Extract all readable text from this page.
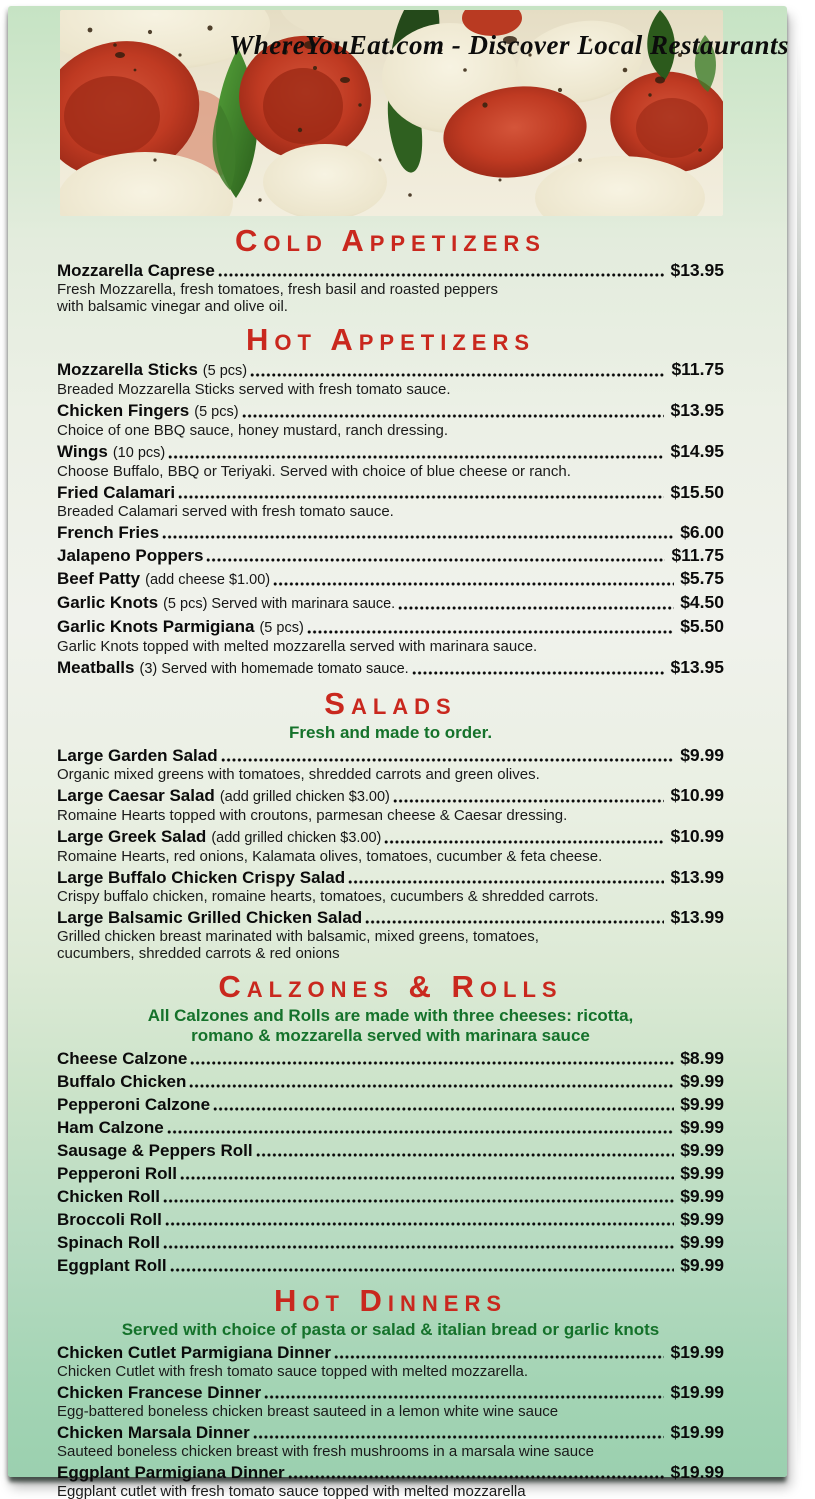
WhereYouEat.com - Discover Local Restaurants
Cold Appetizers
Mozzarella Caprese	$13.95
Fresh Mozzarella, fresh tomatoes, fresh basil and roasted peppers
with balsamic vinegar and olive oil.
Hot Appetizers
Mozzarella Sticks (5 pcs)	$11.75
Breaded Mozzarella Sticks served with fresh tomato sauce.
Chicken Fingers (5 pcs)	$13.95
Choice of one BBQ sauce, honey mustard, ranch dressing.
Wings (10 pcs)	$14.95
Choose Buffalo, BBQ or Teriyaki. Served with choice of blue cheese or ranch.
Fried Calamari	$15.50
Breaded Calamari served with fresh tomato sauce.
French Fries	$6.00
Jalapeno Poppers	$11.75
Beef Patty (add cheese $1.00)	$5.75
Garlic Knots (5 pcs) Served with marinara sauce.	$4.50
Garlic Knots Parmigiana (5 pcs)	$5.50
Garlic Knots topped with melted mozzarella served with marinara sauce.
Meatballs (3) Served with homemade tomato sauce.	$13.95
Salads
Fresh and made to order.
Large Garden Salad	$9.99
Organic mixed greens with tomatoes, shredded carrots and green olives.
Large Caesar Salad (add grilled chicken $3.00)	$10.99
Romaine Hearts topped with croutons, parmesan cheese & Caesar dressing.
Large Greek Salad (add grilled chicken $3.00)	$10.99
Romaine Hearts, red onions, Kalamata olives, tomatoes, cucumber & feta cheese.
Large Buffalo Chicken Crispy Salad	$13.99
Crispy buffalo chicken, romaine hearts, tomatoes, cucumbers & shredded carrots.
Large Balsamic Grilled Chicken Salad	$13.99
Grilled chicken breast marinated with balsamic, mixed greens, tomatoes,
cucumbers, shredded carrots & red onions
Calzones & Rolls
All Calzones and Rolls are made with three cheeses: ricotta,
romano & mozzarella served with marinara sauce
Cheese Calzone	$8.99
Buffalo Chicken	$9.99
Pepperoni Calzone	$9.99
Ham Calzone	$9.99
Sausage & Peppers Roll	$9.99
Pepperoni Roll	$9.99
Chicken Roll	$9.99
Broccoli Roll	$9.99
Spinach Roll	$9.99
Eggplant Roll	$9.99
Hot Dinners
Served with choice of pasta or salad & italian bread or garlic knots
Chicken Cutlet Parmigiana Dinner	$19.99
Chicken Cutlet with fresh tomato sauce topped with melted mozzarella.
Chicken Francese Dinner	$19.99
Egg-battered boneless chicken breast sauteed in a lemon white wine sauce
Chicken Marsala Dinner	$19.99
Sauteed boneless chicken breast with fresh mushrooms in a marsala wine sauce
Eggplant Parmigiana Dinner	$19.99
Eggplant cutlet with fresh tomato sauce topped with melted mozzarella
